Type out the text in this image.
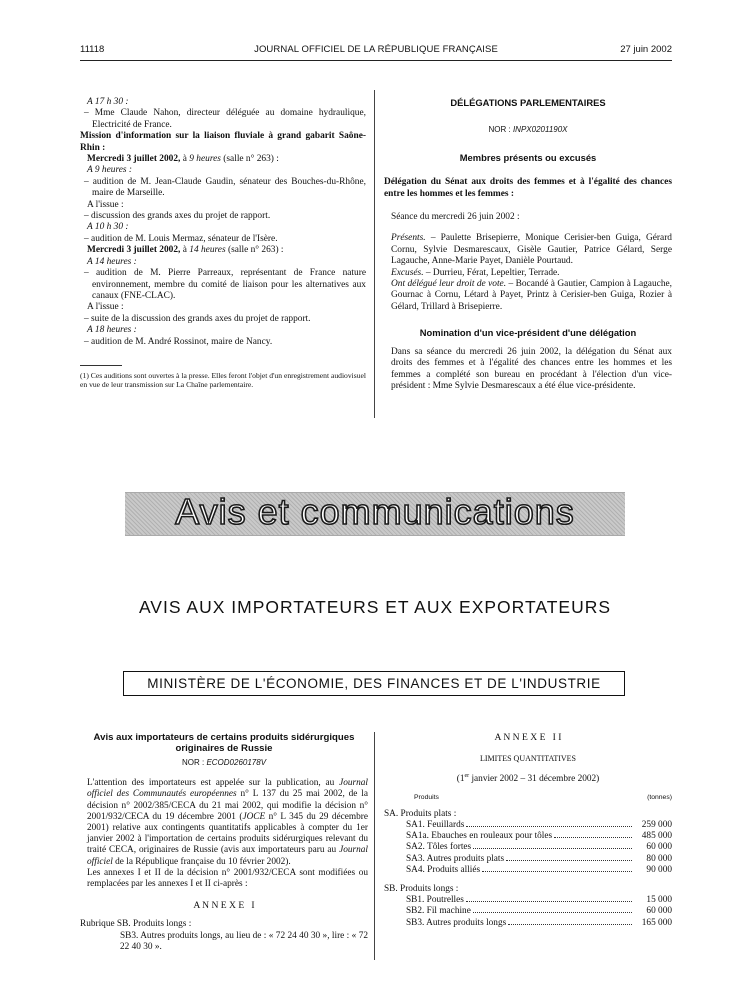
11118	JOURNAL OFFICIEL DE LA RÉPUBLIQUE FRANÇAISE	27 juin 2002

A 17 h 30 :

– Mme Claude Nahon, directeur déléguée au domaine hydraulique, Electricité de France.

Mission d'information sur la liaison fluviale à grand gabarit Saône-Rhin :

Mercredi 3 juillet 2002, à 9 heures (salle n° 263) :

A 9 heures :

– audition de M. Jean-Claude Gaudin, sénateur des Bouches-du-Rhône, maire de Marseille.

A l'issue :

– discussion des grands axes du projet de rapport.

A 10 h 30 :

– audition de M. Louis Mermaz, sénateur de l'Isère.

Mercredi 3 juillet 2002, à 14 heures (salle n° 263) :

A 14 heures :

– audition de M. Pierre Parreaux, représentant de France nature environnement, membre du comité de liaison pour les alternatives aux canaux (FNE-CLAC).

A l'issue :

– suite de la discussion des grands axes du projet de rapport.

A 18 heures :

– audition de M. André Rossinot, maire de Nancy.

(1) Ces auditions sont ouvertes à la presse. Elles feront l'objet d'un enregistrement audiovisuel en vue de leur transmission sur La Chaîne parlementaire.

DÉLÉGATIONS PARLEMENTAIRES

NOR : INPX0201190X

Membres présents ou excusés

Délégation du Sénat aux droits des femmes et à l'égalité des chances entre les hommes et les femmes :

Séance du mercredi 26 juin 2002 :

Présents. – Paulette Brisepierre, Monique Cerisier-ben Guiga, Gérard Cornu, Sylvie Desmarescaux, Gisèle Gautier, Patrice Gélard, Serge Lagauche, Anne-Marie Payet, Danièle Pourtaud.

Excusés. – Durrieu, Férat, Lepeltier, Terrade.

Ont délégué leur droit de vote. – Bocandé à Gautier, Campion à Lagauche, Gournac à Cornu, Létard à Payet, Printz à Cerisier-ben Guiga, Rozier à Gélard, Trillard à Brisepierre.

Nomination d'un vice-président d'une délégation

Dans sa séance du mercredi 26 juin 2002, la délégation du Sénat aux droits des femmes et à l'égalité des chances entre les hommes et les femmes a complété son bureau en procédant à l'élection d'un vice-président : Mme Sylvie Desmarescaux a été élue vice-présidente.

Avis et communications
AVIS AUX IMPORTATEURS ET AUX EXPORTATEURS
MINISTÈRE DE L'ÉCONOMIE, DES FINANCES ET DE L'INDUSTRIE

Avis aux importateurs de certains produits sidérurgiques originaires de Russie

NOR : ECOD0260178V

L'attention des importateurs est appelée sur la publication, au Journal officiel des Communautés européennes n° L 137 du 25 mai 2002, de la décision n° 2002/385/CECA du 21 mai 2002, qui modifie la décision n° 2001/932/CECA du 19 décembre 2001 (JOCE n° L 345 du 29 décembre 2001) relative aux contingents quantitatifs applicables à compter du 1er janvier 2002 à l'importation de certains produits sidérurgiques relevant du traité CECA, originaires de Russie (avis aux importateurs paru au Journal officiel de la République française du 10 février 2002).

Les annexes I et II de la décision n° 2001/932/CECA sont modifiées ou remplacées par les annexes I et II ci-après :

A N N E X E   I

Rubrique SB. Produits longs :

SB3. Autres produits longs, au lieu de : « 72 24 40 30 », lire : « 72 22 40 30 ».

A N N E X E   I I

LIMITES QUANTITATIVES

(1er janvier 2002 – 31 décembre 2002)

Produits	(tonnes)

SA. Produits plats :

SA1. Feuillards	259 000
SA1a. Ebauches en rouleaux pour tôles	485 000
SA2. Tôles fortes	60 000
SA3. Autres produits plats	80 000
SA4. Produits alliés	90 000

SB. Produits longs :

SB1. Poutrelles	15 000
SB2. Fil machine	60 000
SB3. Autres produits longs	165 000
